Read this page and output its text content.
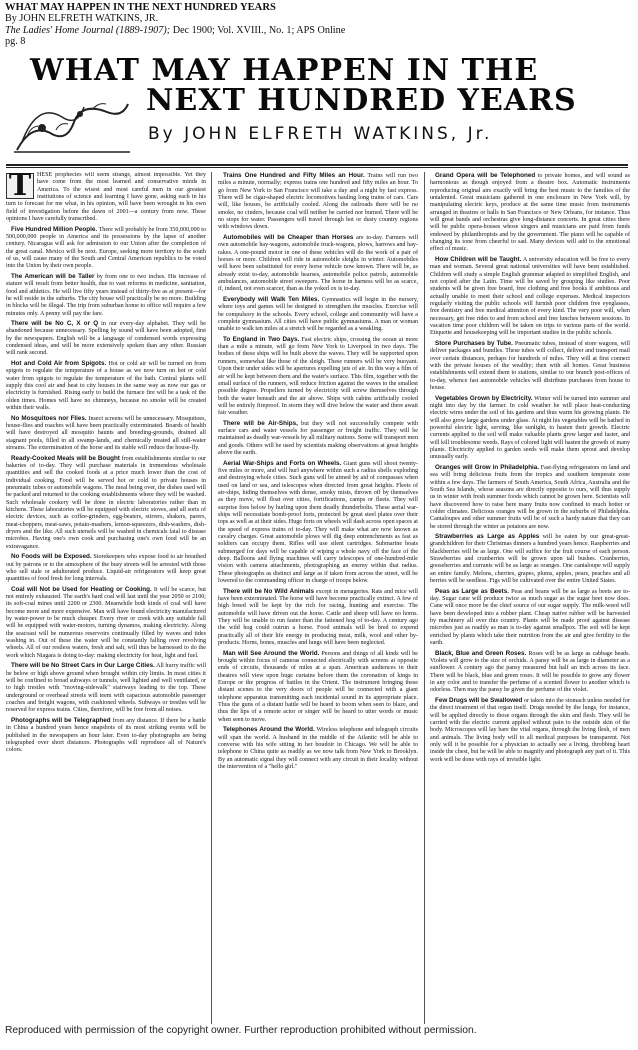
WHAT MAY HAPPEN IN THE NEXT HUNDRED YEARS
By JOHN ELFRETH WATKINS, JR.
The Ladies' Home Journal (1889-1907); Dec 1900; Vol. XVIII., No. 1; APS Online
pg. 8
WHAT MAY HAPPEN IN THE
NEXT HUNDRED YEARS
By JOHN ELFRETH WATKINS, Jr.

T HESE prophecies will seem strange, almost impossible. Yet they have come from the most learned and conservative minds in America. To the wisest and most careful men in our greatest institutions of science and learning I have gone, asking each in his turn to forecast for me what, in his opinion, will have been wrought in his own field of investigation before the dawn of 2001—a century from now. These opinions I have carefully transcribed.

Five Hundred Million People. There will probably be from 350,000,000 to 500,000,000 people in America and its possessions by the lapse of another century. Nicaragua will ask for admission to our Union after the completion of the great canal. Mexico will be next. Europe, seeking more territory to the south of us, will cause many of the South and Central American republics to be voted into the Union by their own people.

The American will be Taller by from one to two inches. His increase of stature will result from better health, due to vast reforms in medicine, sanitation, food and athletics. He will live fifty years instead of thirty-five as at present—for he will reside in the suburbs. The city house will practically be no more. Building in blocks will be illegal. The trip from suburban home to office will require a few minutes only. A penny will pay the fare.

There will be No C, X or Q in our every-day alphabet. They will be abandoned because unnecessary. Spelling by sound will have been adopted, first by the newspapers. English will be a language of condensed words expressing condensed ideas, and will be more extensively spoken than any other. Russian will rank second.

Hot and Cold Air from Spigots. Hot or cold air will be turned on from spigots to regulate the temperature of a house as we now turn on hot or cold water from spigots to regulate the temperature of the bath. Central plants will supply this cool air and heat to city houses in the same way as now our gas or electricity is furnished. Rising early to build the furnace fire will be a task of the olden times. Homes will have no chimneys, because no smoke will be created within their walls.

No Mosquitoes nor Flies. Insect screens will be unnecessary. Mosquitoes, house-flies and roaches will have been practically exterminated. Boards of health will have destroyed all mosquito haunts and breeding-grounds, drained all stagnant pools, filled in all swamp-lands, and chemically treated all still-water streams. The extermination of the horse and its stable will reduce the house-fly.

Ready-Cooked Meals will be Bought from establishments similar to our bakeries of to-day. They will purchase materials in tremendous wholesale quantities and sell the cooked foods at a price much lower than the cost of individual cooking. Food will be served hot or cold to private houses in pneumatic tubes or automobile wagons. The meal being over, the dishes used will be packed and returned to the cooking establishments where they will be washed. Such wholesale cookery will be done in electric laboratories rather than in kitchens. These laboratories will be equipped with electric stoves, and all sorts of electric devices, such as coffee-grinders, egg-beaters, stirrers, shakers, parers, meat-choppers, meat-saws, potato-mashers, lemon-squeezers, dish-washers, dish-dryers and the like. All such utensils will be washed in chemicals fatal to disease microbes. Having one's own cook and purchasing one's own food will be an extravagance.

No Foods will be Exposed. Storekeepers who expose food to air breathed out by patrons or to the atmosphere of the busy streets will be arrested with those who sell stale or adulterated produce. Liquid-air refrigerators will keep great quantities of food fresh for long intervals.

Coal will Not be Used for Heating or Cooking. It will be scarce, but not entirely exhausted. The earth's hard coal will last until the year 2050 or 2100; its soft-coal mines until 2200 or 2300. Meanwhile both kinds of coal will have become more and more expensive. Man will have found electricity manufactured by water-power to be much cheaper. Every river or creek with any suitable fall will be equipped with water-motors, turning dynamos, making electricity. Along the seacoast will be numerous reservoirs continually filled by waves and tides washing in. Out of these the water will be constantly falling over revolving wheels. All of our restless waters, fresh and salt, will thus be harnessed to do the work which Niagara is doing to-day: making electricity for heat, light and fuel.

There will be No Street Cars in Our Large Cities. All hurry traffic will be below or high above ground when brought within city limits. In most cities it will be confined to broad subways or tunnels, well lighted and well ventilated, or to high trestles with "moving-sidewalk" stairways leading to the top. These underground or overhead streets will teem with capacious automobile passenger coaches and freight wagons, with cushioned wheels. Subways or trestles will be reserved for express trains. Cities, therefore, will be free from all noises.

Photographs will be Telegraphed from any distance. If there be a battle in China a hundred years hence snapshots of its most striking events will be published in the newspapers an hour later. Even to-day photographs are being telegraphed over short distances. Photographs will reproduce all of Nature's colors.

Trains One Hundred and Fifty Miles an Hour. Trains will run two miles a minute, normally; express trains one hundred and fifty miles an hour. To go from New York to San Francisco will take a day and a night by fast express. There will be cigar-shaped electric locomotives hauling long trains of cars. Cars will, like houses, be artificially cooled. Along the railroads there will be no smoke, no cinders, because coal will neither be carried nor burned. There will be no stops for water. Passengers will travel through hot or dusty country regions with windows down.

Automobiles will be Cheaper than Horses are to-day. Farmers will own automobile hay-wagons, automobile truck-wagons, plows, harrows and hay-rakes. A one-pound motor in one of these vehicles will do the work of a pair of horses or more. Children will ride in automobile sleighs in winter. Automobiles will have been substituted for every horse vehicle now known. There will be, as already exist to-day, automobile hearses, automobile police patrols, automobile ambulances, automobile street sweepers. The horse in harness will be as scarce, if, indeed, not even scarcer, than as the yoked ox is to-day.

Everybody will Walk Ten Miles. Gymnastics will begin in the nursery, where toys and games will be designed to strengthen the muscles. Exercise will be compulsory in the schools. Every school, college and community will have a complete gymnasium. All cities will have public gymnasiums. A man or woman unable to walk ten miles at a stretch will be regarded as a weakling.

To England in Two Days. Fast electric ships, crossing the ocean at more than a mile a minute, will go from New York to Liverpool in two days. The bodies of these ships will be built above the waves. They will be supported upon runners, somewhat like those of the sleigh. These runners will be very buoyant. Upon their under sides will be apertures expelling jets of air. In this way a film of air will be kept between them and the water's surface. This film, together with the small surface of the runners, will reduce friction against the waves to the smallest possible degree. Propellers turned by electricity will screw themselves through both the water beneath and the air above. Ships with cabins artificially cooled will be entirely fireproof. In storm they will dive below the water and there await fair weather.

There will be Air-Ships, but they will not successfully compete with surface cars and water vessels for passenger or freight traffic. They will be maintained as deadly war-vessels by all military nations. Some will transport men and goods. Others will be used by scientists making observations at great heights above the earth.

Aerial War-Ships and Forts on Wheels. Giant guns will shoot twenty-five miles or more, and will hurl anywhere within such a radius shells exploding and destroying whole cities. Such guns will be aimed by aid of compasses when used on land or sea, and telescopes when directed from great heights. Fleets of air-ships, hiding themselves with dense, smoky mists, thrown off by themselves as they move, will float over cities, fortifications, camps or fleets. They will surprise foes below by hurling upon them deadly thunderbolts. These aerial war-ships will necessitate bomb-proof forts, protected by great steel plates over their tops as well as at their sides. Huge forts on wheels will dash across open spaces at the speed of express trains of to-day. They will make what are now known as cavalry charges. Great automobile plows will dig deep entrenchments as fast as soldiers can occupy them. Rifles will use silent cartridges. Submarine boats submerged for days will be capable of wiping a whole navy off the face of the deep. Balloons and flying machines will carry telescopes of one-hundred-mile vision with camera attachments, photographing an enemy within that radius. These photographs as distinct and large as if taken from across the street, will be lowered to the commanding officer in charge of troops below.

There will be No Wild Animals except in menageries. Rats and mice will have been exterminated. The horse will have become practically extinct. A few of high breed will be kept by the rich for racing, hunting and exercise. The automobile will have driven out the horse. Cattle and sheep will have no horns. They will be unable to run faster than the fattened hog of to-day. A century ago the wild hog could outrun a horse. Food animals will be bred to expend practically all of their life energy in producing meat, milk, wool and other by-products. Horns, bones, muscles and lungs will have been neglected.

Man will See Around the World. Persons and things of all kinds will be brought within focus of cameras connected electrically with screens at opposite ends of circuits, thousands of miles at a span. American audiences in their theatres will view upon huge curtains before them the coronation of kings in Europe or the progress of battles in the Orient. The instrument bringing these distant scenes to the very doors of people will be connected with a giant telephone apparatus transmitting each incidental sound in its appropriate place. Thus the guns of a distant battle will be heard to boom when seen to blaze, and thus the lips of a remote actor or singer will be heard to utter words or music when seen to move.

Telephones Around the World. Wireless telephone and telegraph circuits will span the world. A husband in the middle of the Atlantic will be able to converse with his wife sitting in her boudoir in Chicago. We will be able to telephone to China quite as readily as we now talk from New York to Brooklyn. By an automatic signal they will connect with any circuit in their locality without the intervention of a "hello girl."

Grand Opera will be Telephoned to private homes, and will sound as harmonious as though enjoyed from a theatre box. Automatic instruments reproducing original airs exactly will bring the best music to the families of the untalented. Great musicians gathered in one enclosure in New York will, by manipulating electric keys, produce at the same time music from instruments arranged in theatres or halls in San Francisco or New Orleans, for instance. Thus will great bands and orchestras give long-distance concerts. In great cities there will be public opera-houses whose singers and musicians are paid from funds endowed by philanthropists and by the government. The piano will be capable of changing its tone from cheerful to sad. Many devices will add to the emotional effect of music.

How Children will be Taught. A university education will be free to every man and woman. Several great national universities will have been established. Children will study a simple English grammar adapted to simplified English, and not copied after the Latin. Time will be saved by grouping like studies. Poor students will be given free board, free clothing and free books if ambitious and actually unable to meet their school and college expenses. Medical inspectors regularly visiting the public schools will furnish poor children free eyeglasses, free dentistry and free medical attention of every kind. The very poor will, when necessary, get free rides to and from school and free lunches between sessions. In vacation time poor children will be taken on trips to various parts of the world. Etiquette and housekeeping will be important studies in the public schools.

Store Purchases by Tube. Pneumatic tubes, instead of store wagons, will deliver packages and bundles. These tubes will collect, deliver and transport mail over certain distances, perhaps for hundreds of miles. They will at first connect with the private houses of the wealthy; then with all homes. Great business establishments will extend them to stations, similar to our branch post-offices of to-day, whence fast automobile vehicles will distribute purchases from house to house.

Vegetables Grown by Electricity. Winter will be turned into summer and night into day by the farmer. In cold weather he will place heat-conducting electric wires under the soil of his gardens and thus warm his growing plants. He will also grow large gardens under glass. At night his vegetables will be bathed in powerful electric light, serving, like sunlight, to hasten their growth. Electric currents applied to the soil will make valuable plants grow larger and faster, and will kill troublesome weeds. Rays of colored light will hasten the growth of many plants. Electricity applied to garden seeds will make them sprout and develop unusually early.

Oranges will Grow in Philadelphia. Fast-flying refrigerators on land and sea will bring delicious fruits from the tropics and southern temperate zone within a few days. The farmers of South America, South Africa, Australia and the South Sea Islands, whose seasons are directly opposite to ours, will thus supply us in winter with fresh summer foods which cannot be grown here. Scientists will have discovered how to raise here many fruits now confined to much hotter or colder climates. Delicious oranges will be grown in the suburbs of Philadelphia. Cantaloupes and other summer fruits will be of such a hardy nature that they can be stored through the winter as potatoes are now.

Strawberries as Large as Apples will be eaten by our great-great-grandchildren for their Christmas dinners a hundred years hence. Raspberries and blackberries will be as large. One will suffice for the fruit course of each person. Strawberries and cranberries will be grown upon tall bushes. Cranberries, gooseberries and currants will be as large as oranges. One cantaloupe will supply an entire family. Melons, cherries, grapes, plums, apples, pears, peaches and all berries will be seedless. Figs will be cultivated over the entire United States.

Peas as Large as Beets. Peas and beans will be as large as beets are to-day. Sugar cane will produce twice as much sugar as the sugar beet now does. Cane will once more be the chief source of our sugar supply. The milk-weed will have been developed into a rubber plant. Cheap native rubber will be harvested by machinery all over this country. Plants will be made proof against disease microbes just as readily as man is to-day against smallpox. The soil will be kept enriched by plants which take their nutrition from the air and give fertility to the earth.

Black, Blue and Green Roses. Roses will be as large as cabbage heads. Violets will grow to the size of orchids. A pansy will be as large in diameter as a sunflower. A century ago the pansy measured but half an inch across its face. There will be black, blue and green roses. It will be possible to grow any flower in any color and to transfer the perfume of a scented flower to another which is odorless. Then may the pansy be given the perfume of the violet.

Few Drugs will be Swallowed or taken into the stomach unless needed for the direct treatment of that organ itself. Drugs needed by the lungs, for instance, will be applied directly to those organs through the skin and flesh. They will be carried with the electric current applied without pain to the outside skin of the body. Microscopes will lay bare the vital organs, through the living flesh, of men and animals. The living body will to all medical purposes be transparent. Not only will it be possible for a physician to actually see a living, throbbing heart inside the chest, but he will be able to magnify and photograph any part of it. This work will be done with rays of invisible light.

Reproduced with permission of the copyright owner. Further reproduction prohibited without permission.
